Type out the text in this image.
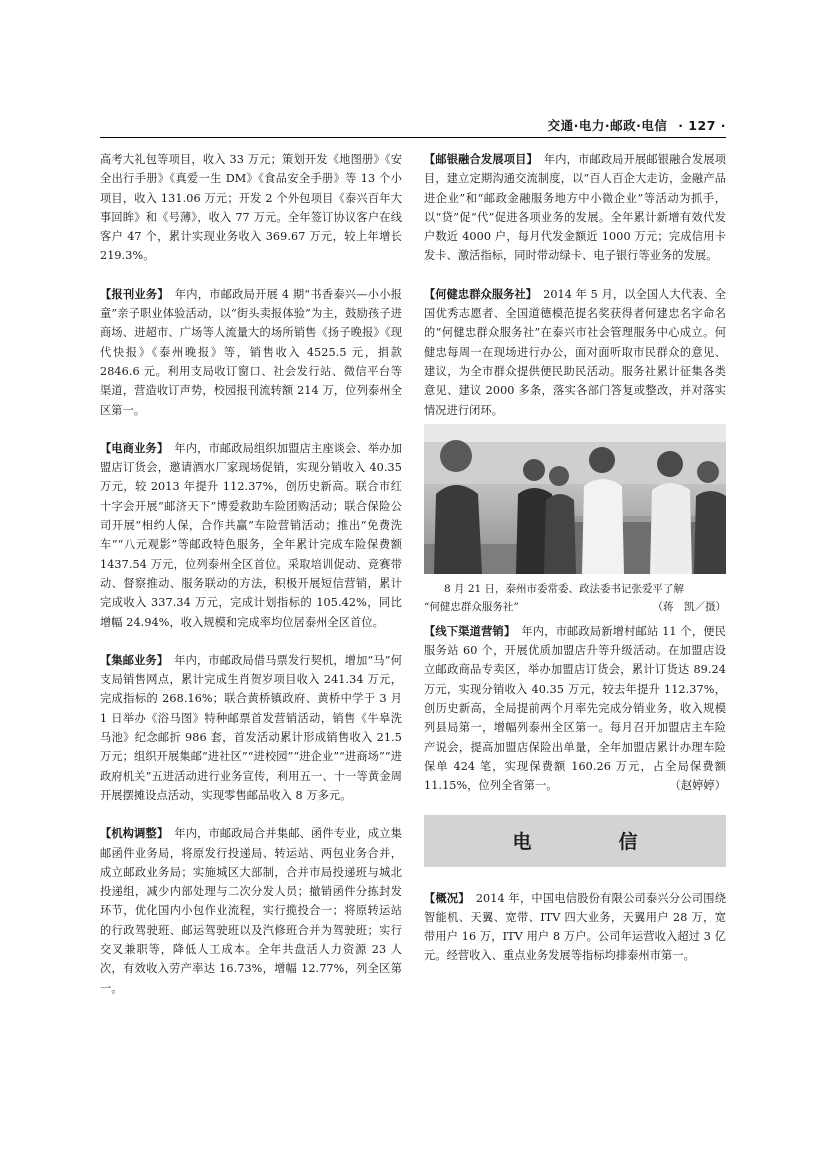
交通·电力·邮政·电信 · 127 ·

高考大礼包等项目，收入 33 万元；策划开发《地图册》《安全出行手册》《真爱一生 DM》《食品安全手册》等 13 个小项目，收入 131.06 万元；开发 2 个外包项目《泰兴百年大事回眸》和《号薄》，收入 77 万元。全年签订协议客户在线客户 47 个，累计实现业务收入 369.67 万元，较上年增长 219.3%。

【报刊业务】 年内，市邮政局开展 4 期“书香泰兴—小小报童”亲子职业体验活动，以“街头卖报体验”为主，鼓励孩子进商场、进超市、广场等人流量大的场所销售《扬子晚报》《现代快报》《泰州晚报》等，销售收入 4525.5 元，捐款 2846.6 元。利用支局收订窗口、社会发行站、微信平台等渠道，营造收订声势，校园报刊流转额 214 万，位列泰州全区第一。

【电商业务】 年内，市邮政局组织加盟店主座谈会、举办加盟店订货会，邀请酒水厂家现场促销，实现分销收入 40.35 万元，较 2013 年提升 112.37%，创历史新高。联合市红十字会开展“邮济天下”博爱救助车险团购活动；联合保险公司开展“相约人保，合作共赢”车险营销活动；推出“免费洗车”“八元观影”等邮政特色服务，全年累计完成车险保费额 1437.54 万元，位列泰州全区首位。采取培训促动、竞赛带动、督察推动、服务联动的方法，积极开展短信营销，累计完成收入 337.34 万元，完成计划指标的 105.42%，同比增幅 24.94%，收入规模和完成率均位居泰州全区首位。

【集邮业务】 年内，市邮政局借马票发行契机，增加“马”何支局销售网点，累计完成生肖贺岁项目收入 241.34 万元，完成指标的 268.16%；联合黄桥镇政府、黄桥中学于 3 月 1 日举办《浴马图》特种邮票首发营销活动，销售《牛皋洗马池》纪念邮折 986 套，首发活动累计形成销售收入 21.5 万元；组织开展集邮“进社区”“进校园”“进企业”“进商场”“进政府机关”五进活动进行业务宣传，利用五一、十一等黄金周开展摆摊设点活动，实现零售邮品收入 8 万多元。

【机构调整】 年内，市邮政局合并集邮、函件专业，成立集邮函件业务局，将原发行投递局、转运站、两包业务合并，成立邮政业务局；实施城区大部制，合并市局投递班与城北投递组，减少内部处理与二次分发人员；撤销函件分拣封发环节，优化国内小包作业流程，实行揽投合一；将原转运站的行政驾驶班、邮运驾驶班以及汽修班合并为驾驶班；实行交叉兼职等，降低人工成本。全年共盘活人力资源 23 人次，有效收入劳产率达 16.73%，增幅 12.77%，列全区第一。

【邮银融合发展项目】 年内，市邮政局开展邮银融合发展项目，建立定期沟通交流制度，以“百人百企大走访，金融产品进企业”和“邮政金融服务地方中小微企业”等活动为抓手，以“贷”促“代”促进各项业务的发展。全年累计新增有效代发户数近 4000 户，每月代发金额近 1000 万元；完成信用卡发卡、激活指标，同时带动绿卡、电子银行等业务的发展。

【何健忠群众服务社】 2014 年 5 月，以全国人大代表、全国优秀志愿者、全国道德模范提名奖获得者何建忠名字命名的“何健忠群众服务社”在泰兴市社会管理服务中心成立。何健忠每周一在现场进行办公，面对面听取市民群众的意见、建议，为全市群众提供便民助民活动。服务社累计征集各类意见、建议 2000 多条，落实各部门答复或整改，并对落实情况进行闭环。

8 月 21 日，泰州市委常委、政法委书记张爱平了解
“何健忠群众服务社”	（蒋　凯／摄）

【线下渠道营销】 年内，市邮政局新增村邮站 11 个，便民服务站 60 个，开展优质加盟店升等升级活动。在加盟店设立邮政商品专卖区，举办加盟店订货会，累计订货达 89.24 万元，实现分销收入 40.35 万元，较去年提升 112.37%，创历史新高，全局提前两个月率先完成分销业务，收入规模列县局第一，增幅列泰州全区第一。每月召开加盟店主车险产说会，提高加盟店保险出单量，全年加盟店累计办理车险保单 424 笔，实现保费额 160.26 万元，占全局保费额 11.15%，位列全省第一。	（赵婷婷）

电　信

【概况】 2014 年，中国电信股份有限公司泰兴分公司围绕智能机、天翼、宽带、ITV 四大业务，天翼用户 28 万，宽带用户 16 万，ITV 用户 8 万户。公司年运营收入超过 3 亿元。经营收入、重点业务发展等指标均排泰州市第一。
